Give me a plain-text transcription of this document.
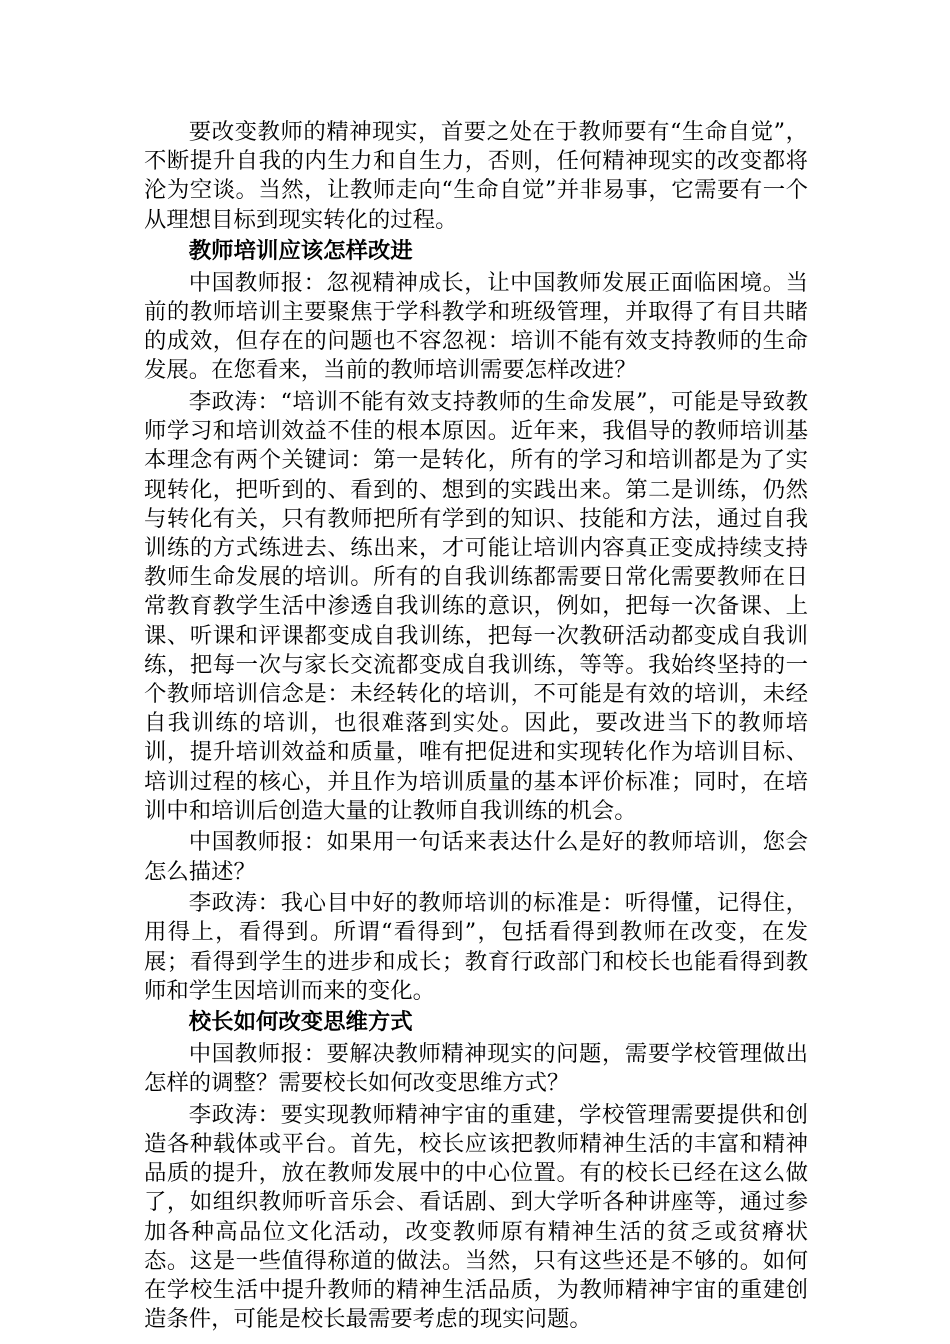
要改变教师的精神现实，首要之处在于教师要有“生命自觉”，不断提升自我的内生力和自生力，否则，任何精神现实的改变都将沦为空谈。当然，让教师走向“生命自觉”并非易事，它需要有一个从理想目标到现实转化的过程。

教师培训应该怎样改进

中国教师报：忽视精神成长，让中国教师发展正面临困境。当前的教师培训主要聚焦于学科教学和班级管理，并取得了有目共睹的成效，但存在的问题也不容忽视：培训不能有效支持教师的生命发展。在您看来，当前的教师培训需要怎样改进？

李政涛：“培训不能有效支持教师的生命发展”，可能是导致教师学习和培训效益不佳的根本原因。近年来，我倡导的教师培训基本理念有两个关键词：第一是转化，所有的学习和培训都是为了实现转化，把听到的、看到的、想到的实践出来。第二是训练，仍然与转化有关，只有教师把所有学到的知识、技能和方法，通过自我训练的方式练进去、练出来，才可能让培训内容真正变成持续支持教师生命发展的培训。所有的自我训练都需要日常化需要教师在日常教育教学生活中渗透自我训练的意识，例如，把每一次备课、上课、听课和评课都变成自我训练，把每一次教研活动都变成自我训练，把每一次与家长交流都变成自我训练，等等。我始终坚持的一个教师培训信念是：未经转化的培训，不可能是有效的培训，未经自我训练的培训，也很难落到实处。因此，要改进当下的教师培训，提升培训效益和质量，唯有把促进和实现转化作为培训目标、培训过程的核心，并且作为培训质量的基本评价标准；同时，在培训中和培训后创造大量的让教师自我训练的机会。

中国教师报：如果用一句话来表达什么是好的教师培训，您会怎么描述？

李政涛：我心目中好的教师培训的标准是：听得懂，记得住，用得上，看得到。所谓“看得到”，包括看得到教师在改变，在发展；看得到学生的进步和成长；教育行政部门和校长也能看得到教师和学生因培训而来的变化。

校长如何改变思维方式

中国教师报：要解决教师精神现实的问题，需要学校管理做出怎样的调整？需要校长如何改变思维方式？

李政涛：要实现教师精神宇宙的重建，学校管理需要提供和创造各种载体或平台。首先，校长应该把教师精神生活的丰富和精神品质的提升，放在教师发展中的中心位置。有的校长已经在这么做了，如组织教师听音乐会、看话剧、到大学听各种讲座等，通过参加各种高品位文化活动，改变教师原有精神生活的贫乏或贫瘠状态。这是一些值得称道的做法。当然，只有这些还是不够的。如何在学校生活中提升教师的精神生活品质，为教师精神宇宙的重建创造条件，可能是校长最需要考虑的现实问题。
